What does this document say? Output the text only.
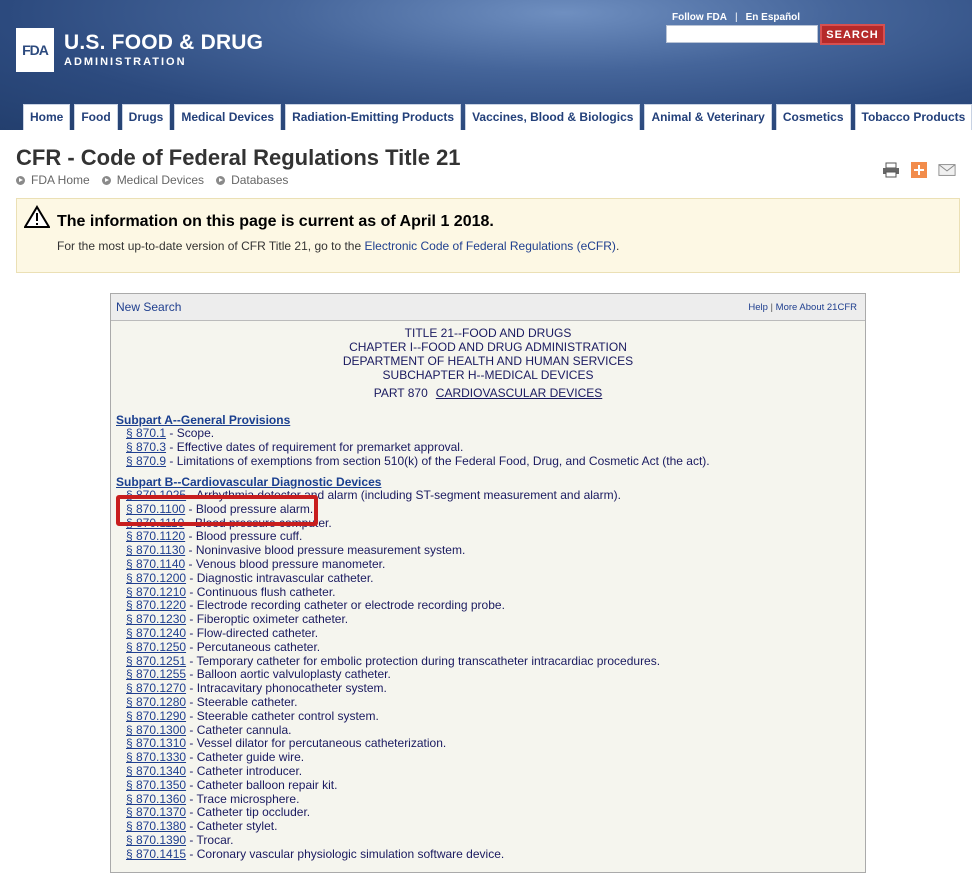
FDA U.S. FOOD & DRUG
ADMINISTRATION
Follow FDA | En Español
SEARCH
Home	Food	Drugs	Medical Devices	Radiation-Emitting Products	Vaccines, Blood & Biologics	Animal & Veterinary	Cosmetics	Tobacco Products
CFR - Code of Federal Regulations Title 21
FDA Home Medical Devices Databases
The information on this page is current as of April 1 2018.
For the most up-to-date version of CFR Title 21, go to the Electronic Code of Federal Regulations (eCFR).
New Search	Help | More About 21CFR
TITLE 21--FOOD AND DRUGS
CHAPTER I--FOOD AND DRUG ADMINISTRATION
DEPARTMENT OF HEALTH AND HUMAN SERVICES
SUBCHAPTER H--MEDICAL DEVICES
PART 870 CARDIOVASCULAR DEVICES
Subpart A--General Provisions
§ 870.1 - Scope.
§ 870.3 - Effective dates of requirement for premarket approval.
§ 870.9 - Limitations of exemptions from section 510(k) of the Federal Food, Drug, and Cosmetic Act (the act).
Subpart B--Cardiovascular Diagnostic Devices
§ 870.1025 - Arrhythmia detector and alarm (including ST-segment measurement and alarm).
§ 870.1100 - Blood pressure alarm.
§ 870.1110 - Blood pressure computer.
§ 870.1120 - Blood pressure cuff.
§ 870.1130 - Noninvasive blood pressure measurement system.
§ 870.1140 - Venous blood pressure manometer.
§ 870.1200 - Diagnostic intravascular catheter.
§ 870.1210 - Continuous flush catheter.
§ 870.1220 - Electrode recording catheter or electrode recording probe.
§ 870.1230 - Fiberoptic oximeter catheter.
§ 870.1240 - Flow-directed catheter.
§ 870.1250 - Percutaneous catheter.
§ 870.1251 - Temporary catheter for embolic protection during transcatheter intracardiac procedures.
§ 870.1255 - Balloon aortic valvuloplasty catheter.
§ 870.1270 - Intracavitary phonocatheter system.
§ 870.1280 - Steerable catheter.
§ 870.1290 - Steerable catheter control system.
§ 870.1300 - Catheter cannula.
§ 870.1310 - Vessel dilator for percutaneous catheterization.
§ 870.1330 - Catheter guide wire.
§ 870.1340 - Catheter introducer.
§ 870.1350 - Catheter balloon repair kit.
§ 870.1360 - Trace microsphere.
§ 870.1370 - Catheter tip occluder.
§ 870.1380 - Catheter stylet.
§ 870.1390 - Trocar.
§ 870.1415 - Coronary vascular physiologic simulation software device.
